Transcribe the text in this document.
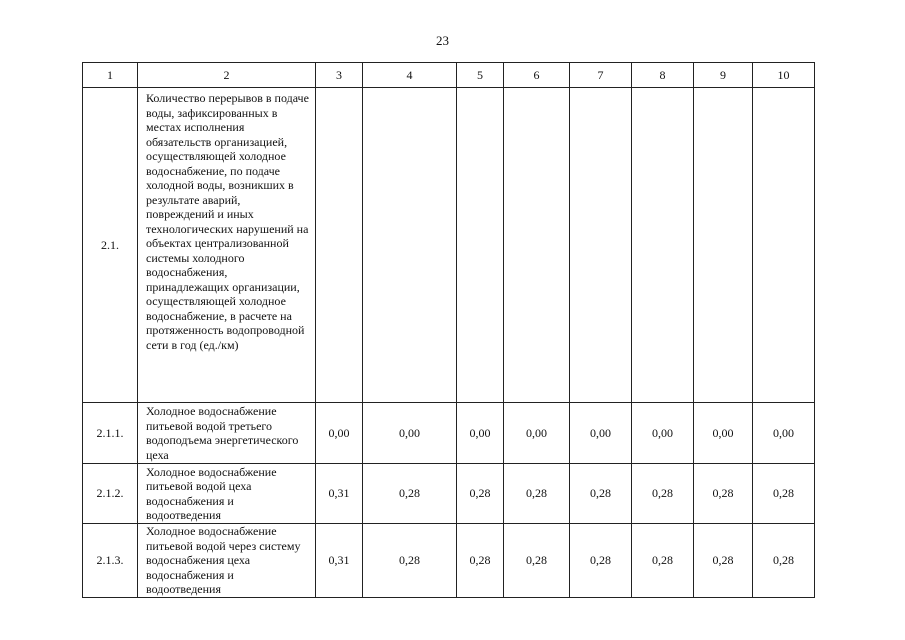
23
1	2	3	4	5	6	7	8	9	10
2.1.	Количество перерывов в подаче воды, зафиксированных в местах исполнения обязательств организацией, осуществляющей холодное водоснабжение, по подаче холодной воды, возникших в результате аварий, повреждений и иных технологических нарушений на объектах централизованной системы холодного водоснабжения, принадлежащих организации, осуществляющей холодное водоснабжение, в расчете на протяженность водопроводной сети в год (ед./км)								
2.1.1.	Холодное водоснабжение питьевой водой третьего водоподъема энергетического цеха	0,00	0,00	0,00	0,00	0,00	0,00	0,00	0,00
2.1.2.	Холодное водоснабжение питьевой водой цеха водоснабжения и водоотведения	0,31	0,28	0,28	0,28	0,28	0,28	0,28	0,28
2.1.3.	Холодное водоснабжение питьевой водой через систему водоснабжения цеха водоснабжения и водоотведения	0,31	0,28	0,28	0,28	0,28	0,28	0,28	0,28
